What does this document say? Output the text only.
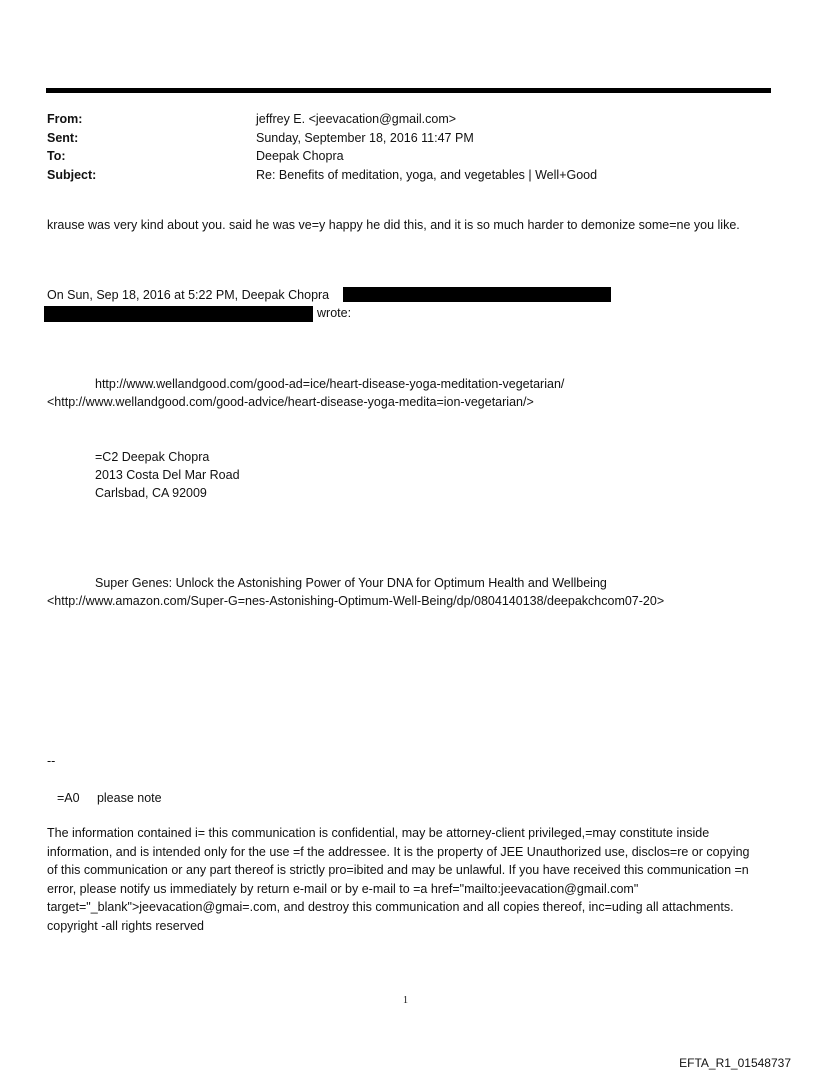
From:	jeffrey E. <jeevacation@gmail.com>
Sent:	Sunday, September 18, 2016 11:47 PM
To:	Deepak Chopra
Subject:	Re: Benefits of meditation, yoga, and vegetables | Well+Good
krause was very kind about you. said he was ve=y happy he did this, and it is so much harder to demonize some=ne you like.
On Sun, Sep 18, 2016 at 5:22 PM, Deepak Chopra
wrote:
http://www.wellandgood.com/good-ad=ice/heart-disease-yoga-meditation-vegetarian/
<http://www.wellandgood.com/good-advice/heart-disease-yoga-medita=ion-vegetarian/>
=C2 Deepak Chopra
2013 Costa Del Mar Road
Carlsbad, CA 92009
Super Genes: Unlock the Astonishing Power of Your DNA for Optimum Health and Wellbeing
<http://www.amazon.com/Super-G=nes-Astonishing-Optimum-Well-Being/dp/0804140138/deepakchcom07-20>
--
=A0     please note
The information contained i= this communication is confidential, may be attorney-client privileged,=may constitute inside information, and is intended only for the use =f the addressee. It is the property of JEE Unauthorized use, disclos=re or copying of this communication or any part thereof is strictly pro=ibited and may be unlawful. If you have received this communication =n error, please notify us immediately by return e-mail or by e-mail to =a href="mailto:jeevacation@gmail.com" target="_blank">jeevacation@gmai=.com, and destroy this communication and all copies thereof, inc=uding all attachments. copyright -all rights reserved
1
EFTA_R1_01548737
